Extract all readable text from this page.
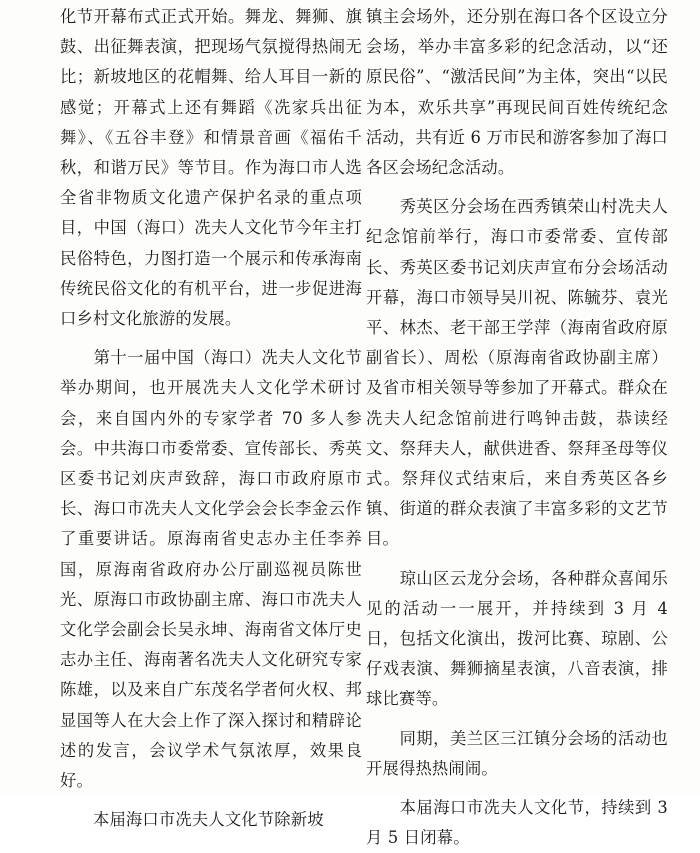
化节开幕布式正式开始。舞龙、舞狮、旗鼓、出征舞表演，把现场气氛搅得热闹无比；新坡地区的花帽舞、给人耳目一新的感觉；开幕式上还有舞蹈《冼家兵出征舞》、《五谷丰登》和情景音画《福佑千秋，和谐万民》等节目。作为海口市人选全省非物质文化遗产保护名录的重点项目，中国（海口）冼夫人文化节今年主打民俗特色，力图打造一个展示和传承海南传统民俗文化的有机平台，进一步促进海口乡村文化旅游的发展。

　　第十一届中国（海口）冼夫人文化节举办期间，也开展冼夫人文化学术研讨会，来自国内外的专家学者 70 多人参会。中共海口市委常委、宣传部长、秀英区委书记刘庆声致辞，海口市政府原市长、海口市冼夫人文化学会会长李金云作了重要讲话。原海南省史志办主任李养国，原海南省政府办公厅副巡视员陈世光、原海口市政协副主席、海口市冼夫人文化学会副会长吴永坤、海南省文体厅史志办主任、海南著名冼夫人文化研究专家陈雄，以及来自广东茂名学者何火权、邦显国等人在大会上作了深入探讨和精辟论述的发言，会议学术气氛浓厚，效果良好。

　　本届海口市冼夫人文化节除新坡

镇主会场外，还分别在海口各个区设立分会场，举办丰富多彩的纪念活动，以“还原民俗”、“激活民间”为主体，突出“以民为本，欢乐共享”再现民间百姓传统纪念活动，共有近 6 万市民和游客参加了海口各区会场纪念活动。

　　秀英区分会场在西秀镇荣山村冼夫人纪念馆前举行，海口市委常委、宣传部长、秀英区委书记刘庆声宣布分会场活动开幕，海口市领导吴川祝、陈毓芬、袁光平、林杰、老干部王学萍（海南省政府原副省长）、周松（原海南省政协副主席）及省市相关领导等参加了开幕式。群众在冼夫人纪念馆前进行鸣钟击鼓，恭读经文、祭拜夫人，献供进香、祭拜圣母等仪式。祭拜仪式结束后，来自秀英区各乡镇、街道的群众表演了丰富多彩的文艺节目。

　　琼山区云龙分会场，各种群众喜闻乐见的活动一一展开，并持续到 3 月 4 日，包括文化演出，拨河比赛、琼剧、公仔戏表演、舞狮摘星表演，八音表演，排球比赛等。

　　同期，美兰区三江镇分会场的活动也开展得热热闹闹。

　　本届海口市冼夫人文化节，持续到 3 月 5 日闭幕。
